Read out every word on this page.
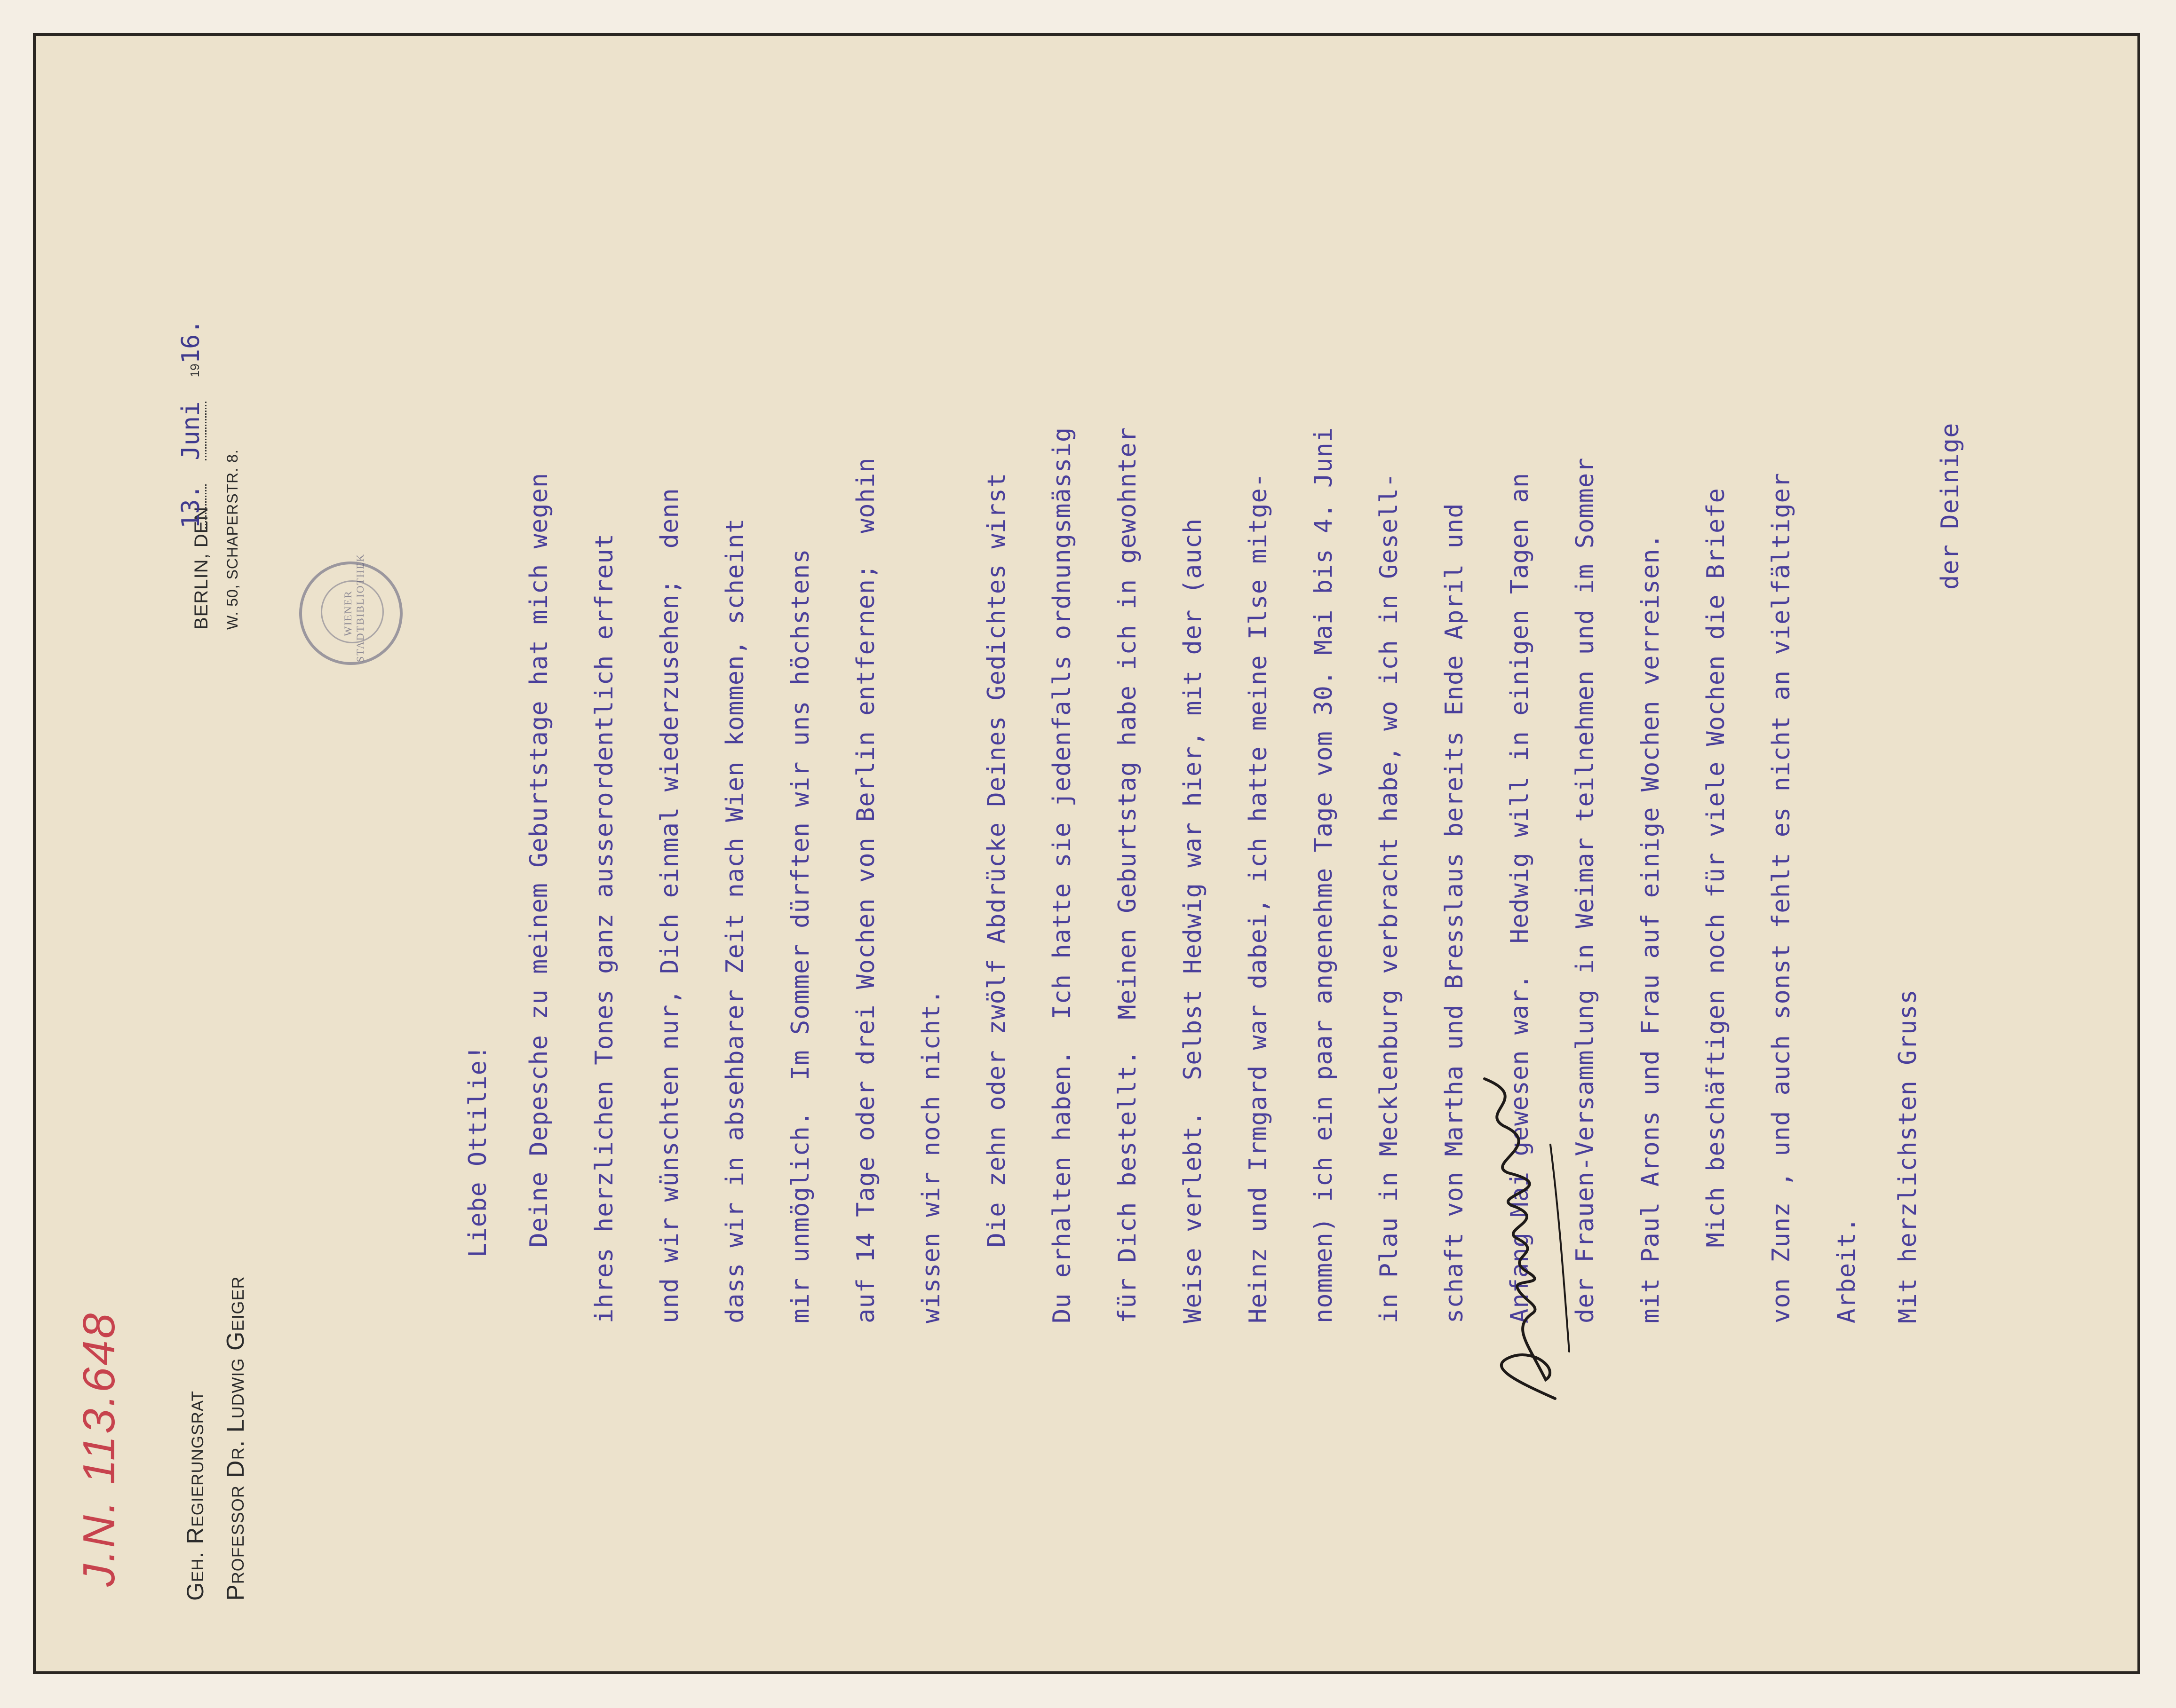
J.N. 113.648 Geh. Regierungsrat Professor Dr. Ludwig Geiger
WIENER STADTBIBLIOTHEK
BERLIN, DEN W. 50, SCHAPERSTR. 8.
13. Juni 1916.
Liebe Ottilie! Deine Depesche zu meinem Geburtstage hat mich wegen ihres herzlichen Tones ganz ausserordentlich erfreut und wir wünschten nur, Dich einmal wiederzusehen;  denn dass wir in absehbarer Zeit nach Wien kommen, scheint mir unmöglich.  Im Sommer dürften wir uns höchstens auf 14 Tage oder drei Wochen von Berlin entfernen;  wohin wissen wir noch nicht. Die zehn oder zwölf Abdrücke Deines Gedichtes wirst Du erhalten haben.  Ich hatte sie jedenfalls ordnungsmässig für Dich bestellt.  Meinen Geburtstag habe ich in gewohnter Weise verlebt.  Selbst Hedwig war hier, mit der (auch Heinz und Irmgard war dabei, ich hatte meine Ilse mitge- nommen) ich ein paar angenehme Tage vom 30. Mai bis 4. Juni in Plau in Mecklenburg verbracht habe, wo ich in Gesell- schaft von Martha und Bresslaus bereits Ende April und Anfang Mai gewesen war.  Hedwig will in einigen Tagen an der Frauen-Versammlung in Weimar teilnehmen und im Sommer mit Paul Arons und Frau auf einige Wochen verreisen. Mich beschäftigen noch für viele Wochen die Briefe von Zunz , und auch sonst fehlt es nicht an vielfältiger Arbeit. Mit herzlichsten Gruss
der Deinige
